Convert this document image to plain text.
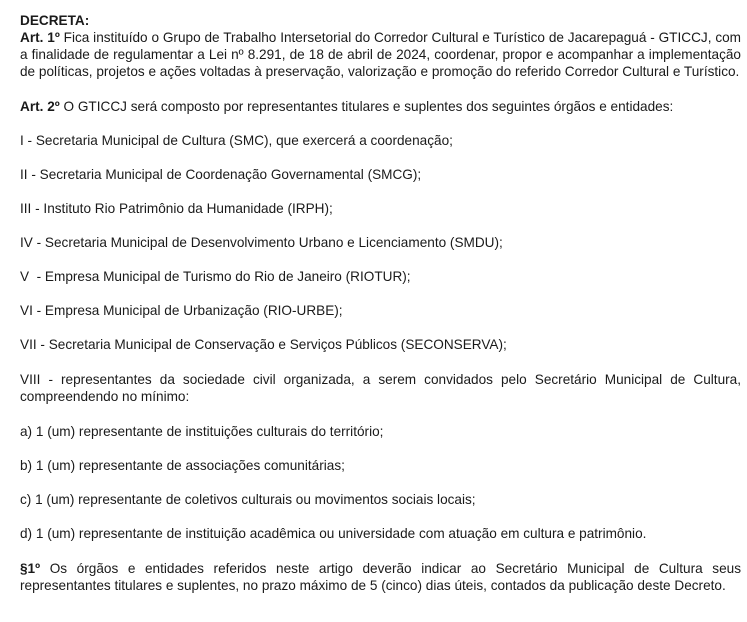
DECRETA:
Art. 1º Fica instituído o Grupo de Trabalho Intersetorial do Corredor Cultural e Turístico de Jacarepaguá - GTICCJ, com a finalidade de regulamentar a Lei nº 8.291, de 18 de abril de 2024, coordenar, propor e acompanhar a implementação de políticas, projetos e ações voltadas à preservação, valorização e promoção do referido Corredor Cultural e Turístico.
Art. 2º O GTICCJ será composto por representantes titulares e suplentes dos seguintes órgãos e entidades:
I - Secretaria Municipal de Cultura (SMC), que exercerá a coordenação;
II - Secretaria Municipal de Coordenação Governamental (SMCG);
III - Instituto Rio Patrimônio da Humanidade (IRPH);
IV - Secretaria Municipal de Desenvolvimento Urbano e Licenciamento (SMDU);
V  - Empresa Municipal de Turismo do Rio de Janeiro (RIOTUR);
VI - Empresa Municipal de Urbanização (RIO-URBE);
VII - Secretaria Municipal de Conservação e Serviços Públicos (SECONSERVA);
VIII - representantes da sociedade civil organizada, a serem convidados pelo Secretário Municipal de Cultura, compreendendo no mínimo:
a) 1 (um) representante de instituições culturais do território;
b) 1 (um) representante de associações comunitárias;
c) 1 (um) representante de coletivos culturais ou movimentos sociais locais;
d) 1 (um) representante de instituição acadêmica ou universidade com atuação em cultura e patrimônio.
§1º Os órgãos e entidades referidos neste artigo deverão indicar ao Secretário Municipal de Cultura seus representantes titulares e suplentes, no prazo máximo de 5 (cinco) dias úteis, contados da publicação deste Decreto.
